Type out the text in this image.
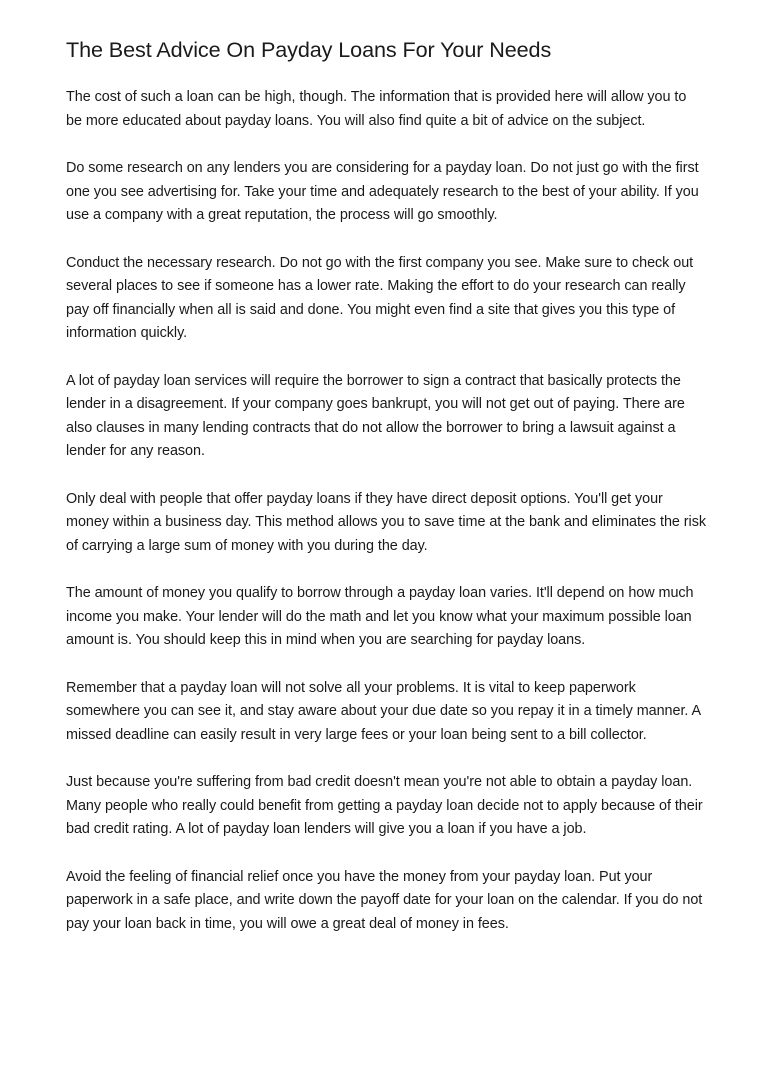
The Best Advice On Payday Loans For Your Needs

The cost of such a loan can be high, though. The information that is provided here will allow you to be more educated about payday loans. You will also find quite a bit of advice on the subject.

Do some research on any lenders you are considering for a payday loan. Do not just go with the first one you see advertising for. Take your time and adequately research to the best of your ability. If you use a company with a great reputation, the process will go smoothly.

Conduct the necessary research. Do not go with the first company you see. Make sure to check out several places to see if someone has a lower rate. Making the effort to do your research can really pay off financially when all is said and done. You might even find a site that gives you this type of information quickly.

A lot of payday loan services will require the borrower to sign a contract that basically protects the lender in a disagreement. If your company goes bankrupt, you will not get out of paying. There are also clauses in many lending contracts that do not allow the borrower to bring a lawsuit against a lender for any reason.

Only deal with people that offer payday loans if they have direct deposit options. You'll get your money within a business day. This method allows you to save time at the bank and eliminates the risk of carrying a large sum of money with you during the day.

The amount of money you qualify to borrow through a payday loan varies. It'll depend on how much income you make. Your lender will do the math and let you know what your maximum possible loan amount is. You should keep this in mind when you are searching for payday loans.

Remember that a payday loan will not solve all your problems. It is vital to keep paperwork somewhere you can see it, and stay aware about your due date so you repay it in a timely manner. A missed deadline can easily result in very large fees or your loan being sent to a bill collector.

Just because you're suffering from bad credit doesn't mean you're not able to obtain a payday loan. Many people who really could benefit from getting a payday loan decide not to apply because of their bad credit rating. A lot of payday loan lenders will give you a loan if you have a job.

Avoid the feeling of financial relief once you have the money from your payday loan. Put your paperwork in a safe place, and write down the payoff date for your loan on the calendar. If you do not pay your loan back in time, you will owe a great deal of money in fees.
